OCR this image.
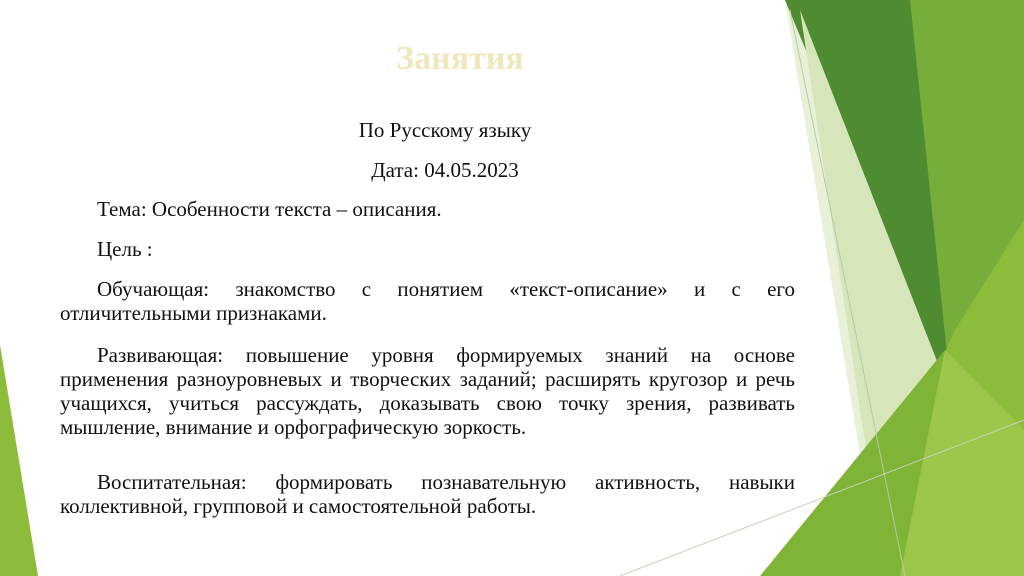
Занятия
По Русскому языку
Дата: 04.05.2023
Тема: Особенности текста – описания.
Цель :
Обучающая: знакомство с понятием «текст-описание» и с его отличительными признаками.
Развивающая: повышение уровня формируемых знаний на основе применения разноуровневых и творческих заданий; расширять кругозор и речь учащихся, учиться рассуждать, доказывать свою точку зрения, развивать мышление, внимание и орфографическую зоркость.
Воспитательная: формировать познавательную активность, навыки коллективной, групповой и самостоятельной работы.
